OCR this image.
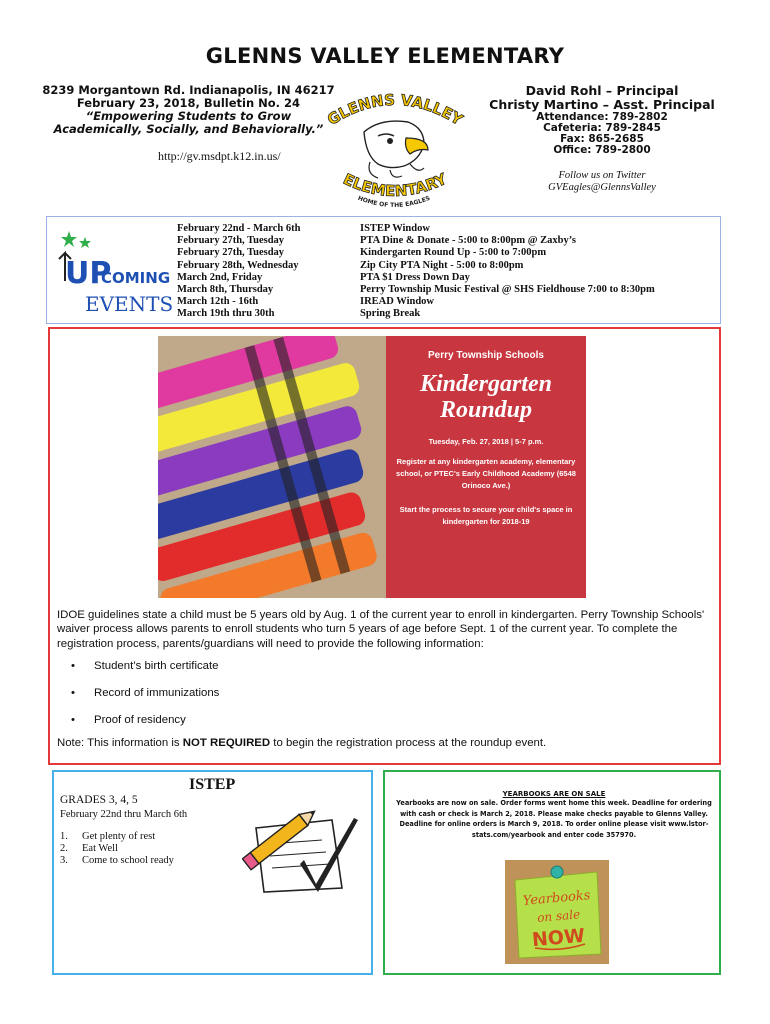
GLENNS VALLEY ELEMENTARY
8239 Morgantown Rd. Indianapolis, IN 46217
February 23, 2018, Bulletin No. 24
“Empowering Students to Grow
Academically, Socially, and Behaviorally.”
http://gv.msdpt.k12.in.us/
GLENNS VALLEY
ELEMENTARY
HOME OF THE EAGLES
David Rohl – Principal
Christy Martino – Asst. Principal
Attendance: 789-2802
Cafeteria: 789-2845
Fax: 865-2685
Office: 789-2800
Follow us on Twitter
GVEagles@GlennsValley
UP
COMING
EVENTS
February 22nd - March 6th
February 27th, Tuesday
February 27th, Tuesday
February 28th, Wednesday
March 2nd, Friday
March 8th, Thursday
March 12th - 16th
March 19th thru 30th
ISTEP Window
PTA Dine & Donate - 5:00 to 8:00pm @ Zaxby’s
Kindergarten Round Up - 5:00 to 7:00pm
Zip City PTA Night - 5:00 to 8:00pm
PTA $1 Dress Down Day
Perry Township Music Festival @ SHS Fieldhouse 7:00 to 8:30pm
IREAD Window
Spring Break
Perry Township Schools
Kindergarten
Roundup
Tuesday, Feb. 27, 2018 | 5-7 p.m.
Register at any kindergarten academy, elementary school, or PTEC's Early Childhood Academy (6548 Orinoco Ave.)
Start the process to secure your child's space in kindergarten for 2018-19
IDOE guidelines state a child must be 5 years old by Aug. 1 of the current year to enroll in kindergarten. Perry Township Schools' waiver process allows parents to enroll students who turn 5 years of age before Sept. 1 of the current year. To complete the registration process, parents/guardians will need to provide the following information:
• Student’s birth certificate
• Record of immunizations
• Proof of residency
Note: This information is NOT REQUIRED to begin the registration process at the roundup event.
ISTEP
GRADES 3, 4, 5
February 22nd thru March 6th
1. Get plenty of rest
2. Eat Well
3. Come to school ready
YEARBOOKS ARE ON SALE
Yearbooks are now on sale. Order forms went home this week. Deadline for ordering with cash or check is March 2, 2018. Please make checks payable to Glenns Valley. Deadline for online orders is March 9, 2018. To order online please visit www.lstor-stats.com/yearbook and enter code 357970.
Yearbooks
on sale
NOW
